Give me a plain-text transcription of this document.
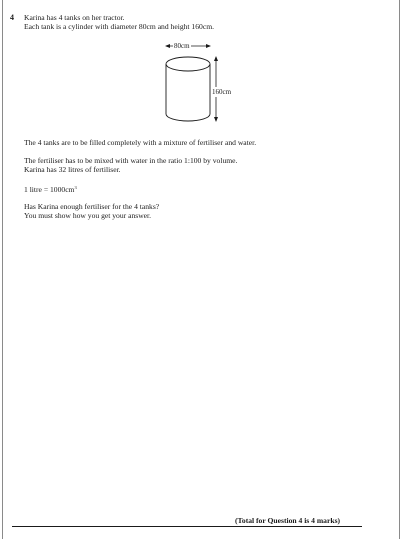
4 Karina has 4 tanks on her tractor.
Each tank is a cylinder with diameter 80cm and height 160cm.
80cm
160cm
The 4 tanks are to be filled completely with a mixture of fertiliser and water.
The fertiliser has to be mixed with water in the ratio 1:100 by volume.
Karina has 32 litres of fertiliser.
1 litre = $1000cm^3$
Has Karina enough fertiliser for the 4 tanks?
You must show how you get your answer.
(Total for Question 4 is 4 marks)
